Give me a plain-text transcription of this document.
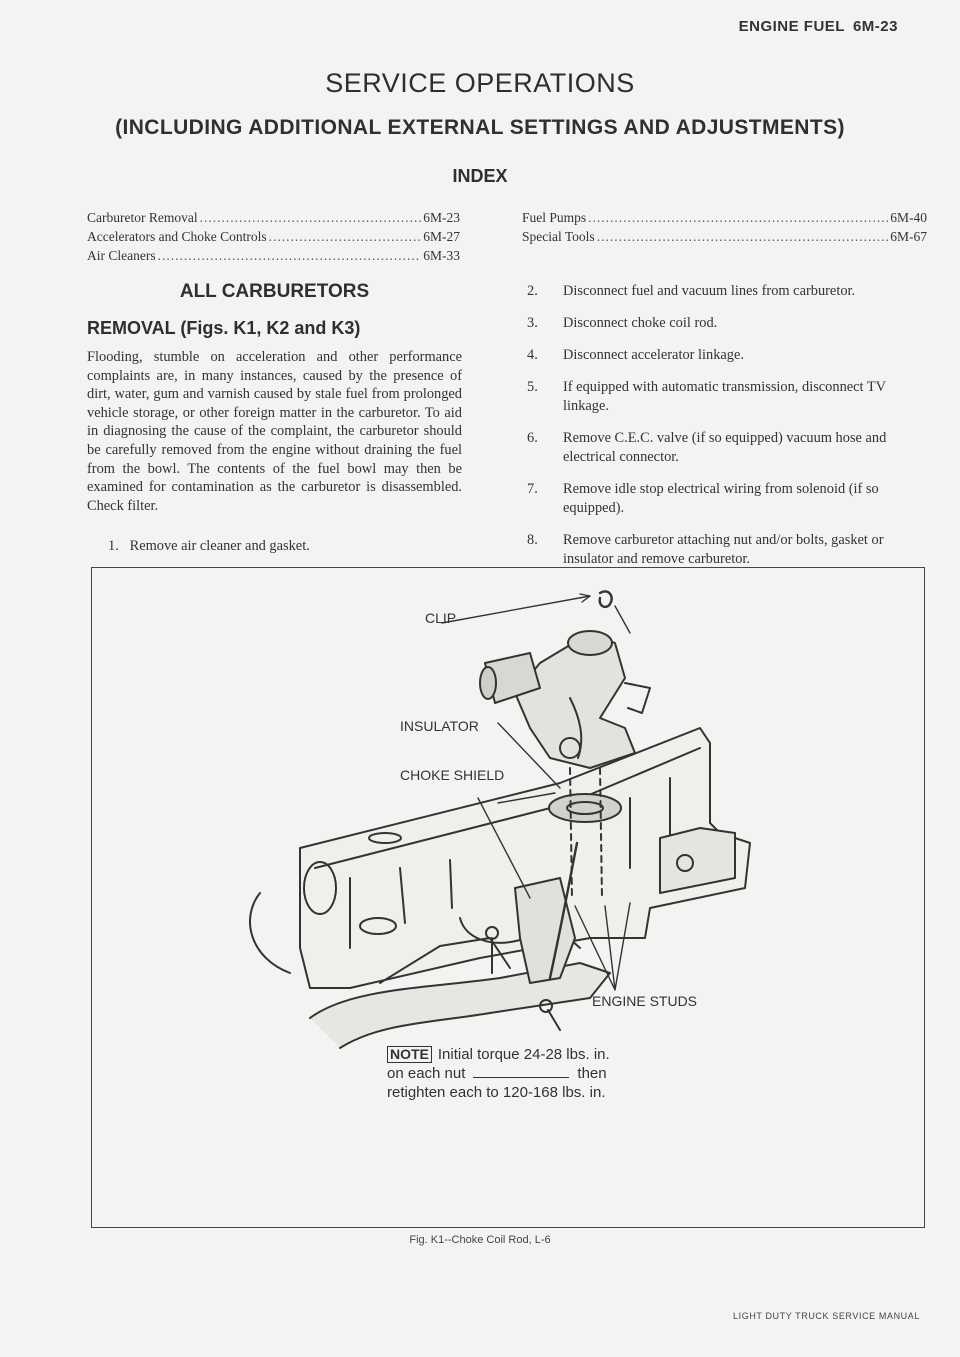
ENGINE FUEL 6M-23
SERVICE OPERATIONS
(INCLUDING ADDITIONAL EXTERNAL SETTINGS AND ADJUSTMENTS)
INDEX
Carburetor Removal .....	6M-23
Accelerators and Choke Controls .....	6M-27
Air Cleaners .....	6M-33
Fuel Pumps .....	6M-40
Special Tools .....	6M-67
ALL CARBURETORS
REMOVAL (Figs. K1, K2 and K3)
Flooding, stumble on acceleration and other performance complaints are, in many instances, caused by the presence of dirt, water, gum and varnish caused by stale fuel from prolonged vehicle storage, or other foreign matter in the carburetor. To aid in diagnosing the cause of the complaint, the carburetor should be carefully removed from the engine without draining the fuel from the bowl. The contents of the fuel bowl may then be examined for contamination as the carburetor is disassembled. Check filter.
1. Remove air cleaner and gasket.
2.	Disconnect fuel and vacuum lines from carburetor.
3.	Disconnect choke coil rod.
4.	Disconnect accelerator linkage.
5.	If equipped with automatic transmission, disconnect TV linkage.
6.	Remove C.E.C. valve (if so equipped) vacuum hose and electrical connector.
7.	Remove idle stop electrical wiring from solenoid (if so equipped).
8.	Remove carburetor attaching nut and/or bolts, gasket or insulator and remove carburetor.
CLIP
INSULATOR
CHOKE SHIELD
ENGINE STUDS
NOTE Initial torque 24-28 lbs. in.
on each nut	then
retighten each to 120-168 lbs. in.
Fig. K1--Choke Coil Rod, L-6
LIGHT DUTY TRUCK SERVICE MANUAL
